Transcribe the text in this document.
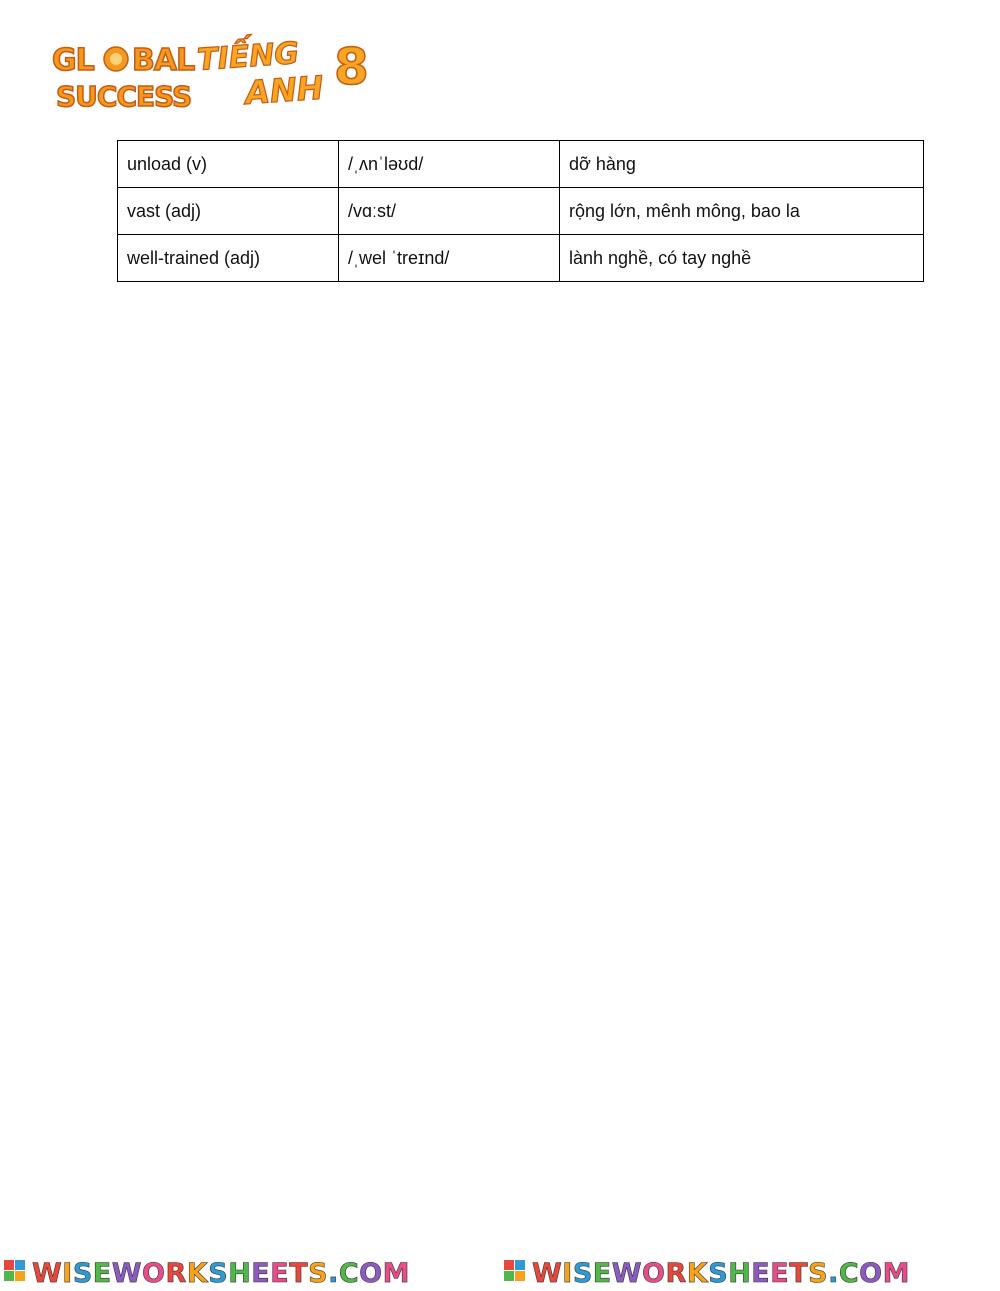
GL BAL
SUCCESS
TIẾNG
ANH 8
unload (v)	/ˌʌnˈləʊd/	dỡ hàng
vast (adj)	/vɑːst/	rộng lớn, mênh mông, bao la
well-trained (adj)	/ˌwel ˈtreɪnd/	lành nghề, có tay nghề
WISEWORKSHEETS.COM	WISEWORKSHEETS.COM
